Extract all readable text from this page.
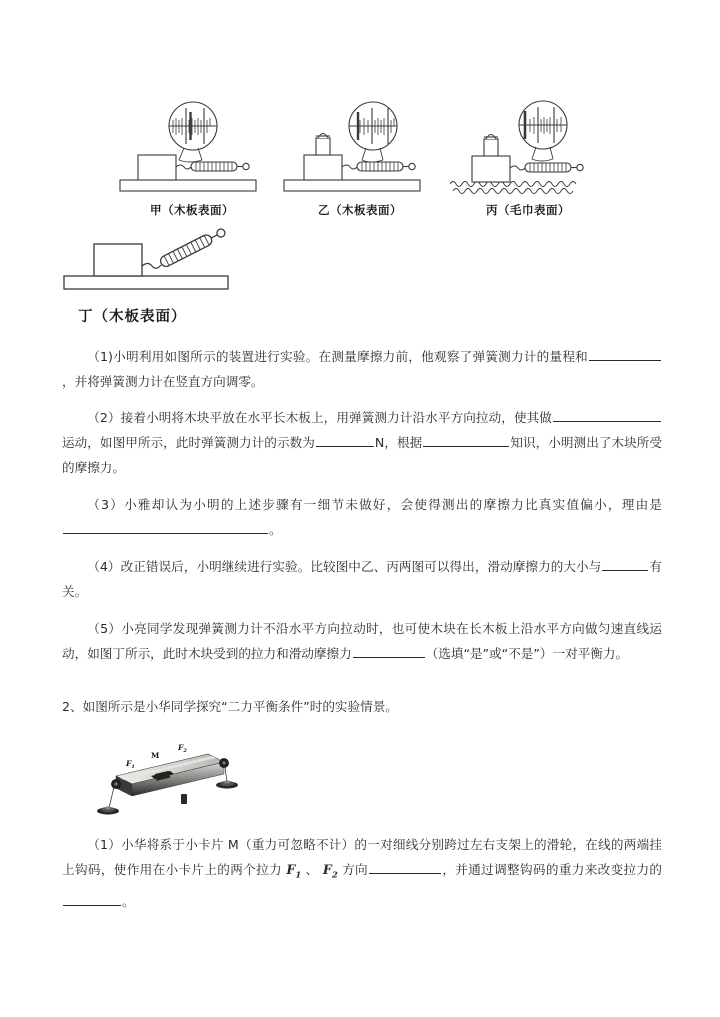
甲（木板表面）	乙（木板表面）	丙（毛巾表面）
丁（木板表面）
（1)小明利用如图所示的装置进行实验。在测量摩擦力前，他观察了弹簧测力计的量程和，并将弹簧测力计在竖直方向调零。
（2）接着小明将木块平放在水平长木板上，用弹簧测力计沿水平方向拉动，使其做运动，如图甲所示，此时弹簧测力计的示数为	N，根据	知识，小明测出了木块所受的摩擦力。
（3）小雅却认为小明的上述步骤有一细节未做好，会使得测出的摩擦力比真实值偏小，理由是。
（4）改正错误后，小明继续进行实验。比较图中乙、丙两图可以得出，滑动摩擦力的大小与	有关。
（5）小亮同学发现弹簧测力计不沿水平方向拉动时，也可使木块在长木板上沿水平方向做匀速直线运动，如图丁所示，此时木块受到的拉力和滑动摩擦力	（选填“是”或“不是”）一对平衡力。
2、如图所示是小华同学探究“二力平衡条件”时的实验情景。
$F_1$
M
$F_2$
（1）小华将系于小卡片 M（重力可忽略不计）的一对细线分别跨过左右支架上的滑轮，在线的两端挂上钩码，使作用在小卡片上的两个拉力 $F_1$ 、 $F_2$ 方向	，并通过调整钩码的重力来改变拉力的。
